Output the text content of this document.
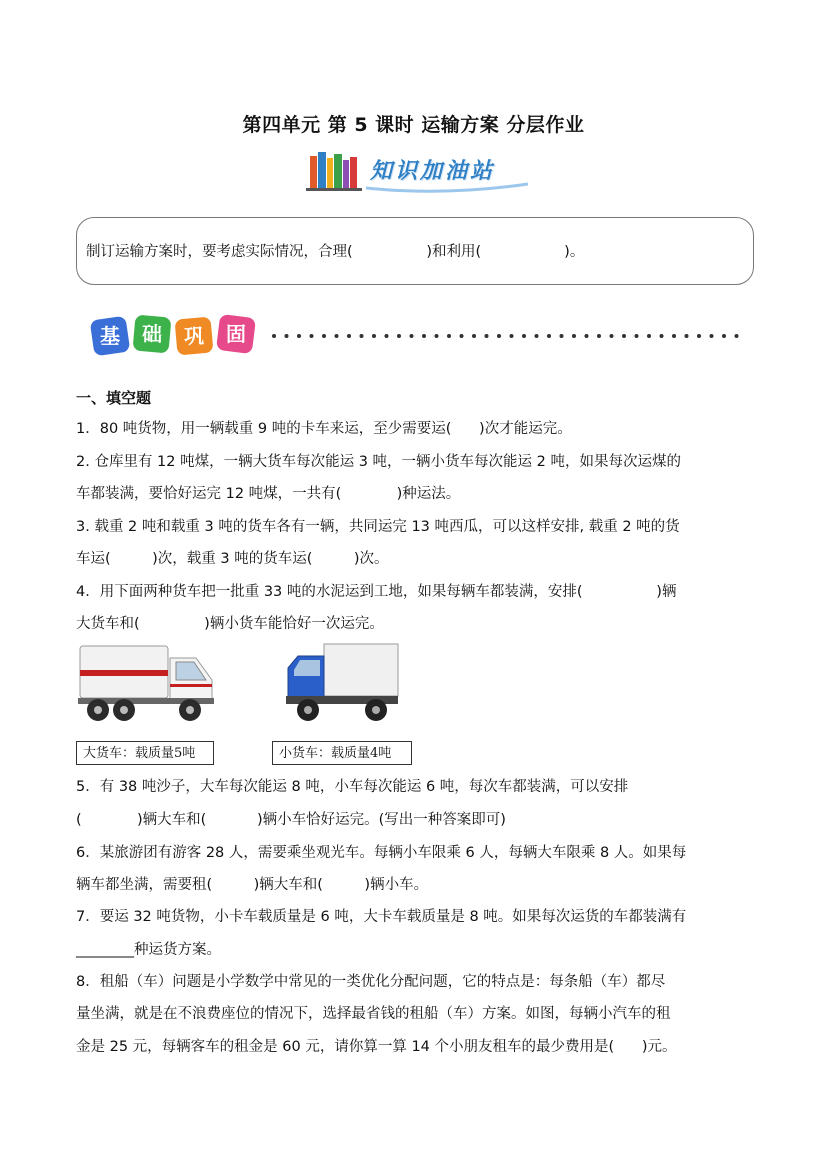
第四单元 第 5 课时 运输方案 分层作业
知识加油站
制订运输方案时，要考虑实际情况，合理(                )和利用(                  )。
基 础 巩 固
一、填空题
1．80 吨货物，用一辆载重 9 吨的卡车来运，至少需要运(      )次才能运完。
2. 仓库里有 12 吨煤，一辆大货车每次能运 3 吨，一辆小货车每次能运 2 吨，如果每次运煤的
车都装满，要恰好运完 12 吨煤，一共有(            )种运法。
3. 载重 2 吨和载重 3 吨的货车各有一辆，共同运完 13 吨西瓜，可以这样安排, 载重 2 吨的货
车运(         )次，载重 3 吨的货车运(         )次。
4．用下面两种货车把一批重 33 吨的水泥运到工地，如果每辆车都装满，安排(                )辆
大货车和(              )辆小货车能恰好一次运完。
大货车：载质量5吨	小货车：载质量4吨
5．有 38 吨沙子，大车每次能运 8 吨，小车每次能运 6 吨，每次车都装满，可以安排
(            )辆大车和(           )辆小车恰好运完。(写出一种答案即可)
6．某旅游团有游客 28 人，需要乘坐观光车。每辆小车限乘 6 人，每辆大车限乘 8 人。如果每
辆车都坐满，需要租(         )辆大车和(         )辆小车。
7．要运 32 吨货物，小卡车载质量是 6 吨，大卡车载质量是 8 吨。如果每次运货的车都装满有
________种运货方案。
8．租船（车）问题是小学数学中常见的一类优化分配问题，它的特点是：每条船（车）都尽
量坐满，就是在不浪费座位的情况下，选择最省钱的租船（车）方案。如图，每辆小汽车的租
金是 25 元，每辆客车的租金是 60 元，请你算一算 14 个小朋友租车的最少费用是(      )元。
